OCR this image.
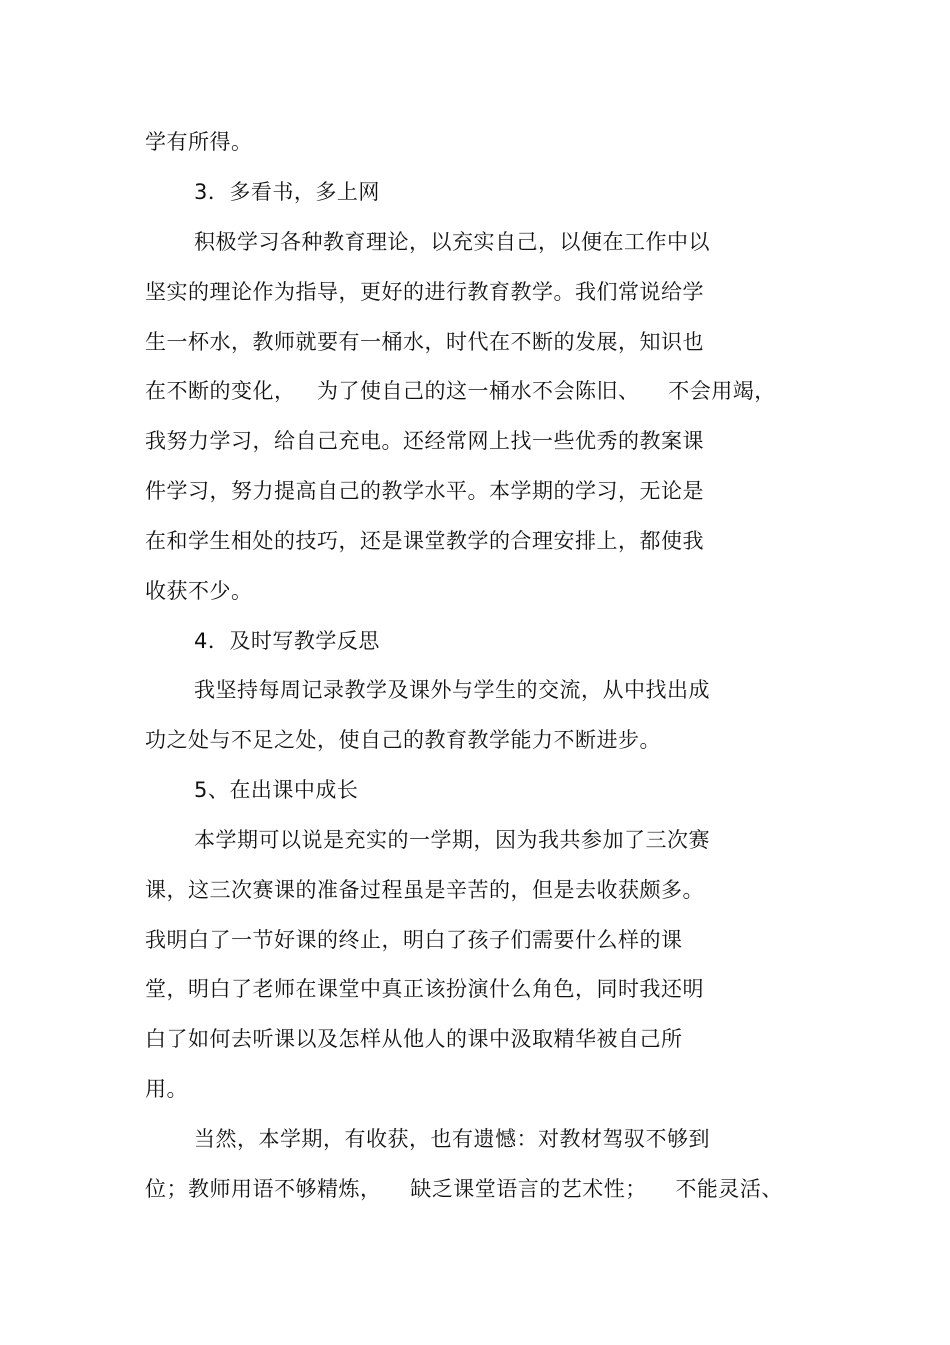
学有所得。
3．多看书，多上网
积极学习各种教育理论，以充实自己，以便在工作中以
坚实的理论作为指导，更好的进行教育教学。我们常说给学
生一杯水，教师就要有一桶水，时代在不断的发展，知识也
在不断的变化，   为了使自己的这一桶水不会陈旧、    不会用竭，
我努力学习，给自己充电。还经常网上找一些优秀的教案课
件学习，努力提高自己的教学水平。本学期的学习，无论是
在和学生相处的技巧，还是课堂教学的合理安排上，都使我
收获不少。
4．及时写教学反思
我坚持每周记录教学及课外与学生的交流，从中找出成
功之处与不足之处，使自己的教育教学能力不断进步。
5、在出课中成长
本学期可以说是充实的一学期，因为我共参加了三次赛
课，这三次赛课的准备过程虽是辛苦的，但是去收获颇多。
我明白了一节好课的终止，明白了孩子们需要什么样的课
堂，明白了老师在课堂中真正该扮演什么角色，同时我还明
白了如何去听课以及怎样从他人的课中汲取精华被自己所
用。
当然，本学期，有收获，也有遗憾：对教材驾驭不够到
位；教师用语不够精炼，    缺乏课堂语言的艺术性；    不能灵活、
